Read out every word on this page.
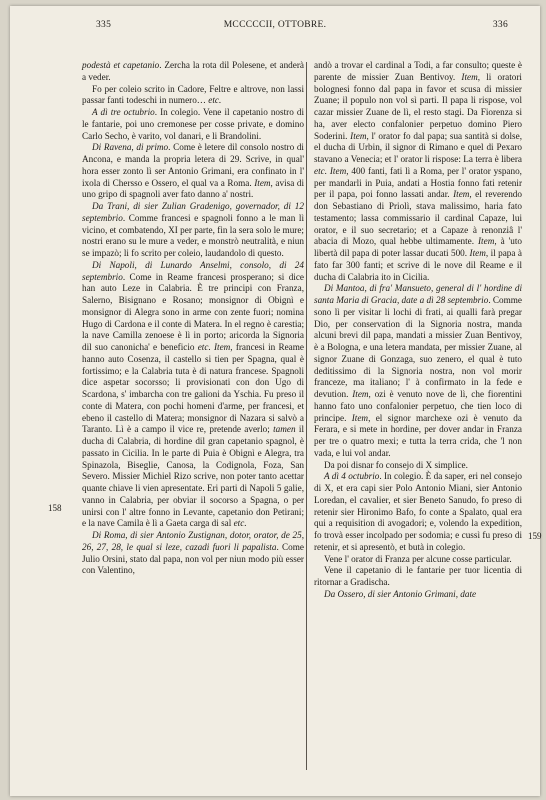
335	MCCCCCII, OTTOBRE.	336
158
159

podestà et capetanio. Zercha la rota dil Polesene, et anderà a veder.

Fo per coleio scrito in Cadore, Feltre e altrove, non lassi passar fanti todeschi in numero… etc.

A dì tre octubrio. In colegio. Vene il capetanio nostro di le fantarie, poi uno cremonese per cosse private, e domino Carlo Secho, è varito, vol danari, e li Brandolini.

Di Ravena, di primo. Come è letere dil consolo nostro di Ancona, e manda la propria letera di 29. Scrive, in qual' hora esser zonto lì ser Antonio Grimani, era confinato in l' ixola di Chersso e Ossero, el qual va a Roma. Item, avisa di uno gripo di spagnoli aver fato danno a' nostri.

Da Trani, di sier Zulian Gradenigo, governador, di 12 septembrio. Comme francesi e spagnoli fonno a le man lì vicino, et combatendo, XI per parte, fin la sera solo le mure; nostri erano su le mure a veder, e monstrò neutralità, e niun se impazò; li fo scrito per coleio, laudandolo di questo.

Di Napoli, di Lunardo Anselmi, consolo, di 24 septembrio. Come in Reame francesi prosperano; si dice han auto Leze in Calabria. È tre principi con Franza, Salerno, Bisignano e Rosano; monsignor di Obignì e monsignor di Alegra sono in arme con zente fuori; nomina Hugo di Cardona e il conte di Matera. In el regno è carestia; la nave Camilla zenoese è lì in porto; aricorda la Signoria dil suo canonicha' e beneficio etc. Item, francesi in Reame hanno auto Cosenza, il castello si tien per Spagna, qual è fortissimo; e la Calabria tuta è di natura francese. Spagnoli dice aspetar socorsso; li provisionati con don Ugo di Scardona, s' imbarcha con tre galioni da Yschia. Fu preso il conte di Matera, con pochi homeni d'arme, per francesi, et ebeno il castello di Matera; monsignor di Nazara si salvò a Taranto. Lì è a campo il vice re, pretende averlo; tamen il ducha di Calabria, di hordine dil gran capetanio spagnol, è passato in Cicilia. In le parte di Puia è Obignì e Alegra, tra Spinazola, Biseglie, Canosa, la Codignola, Foza, San Severo. Missier Michiel Rizo scrive, non poter tanto acettar quante chiave li vien apresentate. Eri parti di Napoli 5 galie, vanno in Calabria, per obviar il socorso a Spagna, o per unirsi con l' altre fonno in Levante, capetanio don Petirani; e la nave Camila è lì a Gaeta carga di sal etc.

Di Roma, di sier Antonio Zustignan, dotor, orator, de 25, 26, 27, 28, le qual si leze, cazadi fuori li papalista. Come Julio Orsini, stato dal papa, non vol per niun modo più esser con Valentino,

andò a trovar el cardinal a Todi, a far consulto; queste è parente de missier Zuan Bentivoy. Item, li oratori bolognesi fonno dal papa in favor et scusa di missier Zuane; il populo non vol sì parti. Il papa li rispose, vol cazar missier Zuane de lì, el resto stagi. Da Fiorenza si ha, aver electo confalonier perpetuo domino Piero Soderini. Item, l' orator fo dal papa; sua santità si dolse, el ducha di Urbin, il signor di Rimano e quel di Pexaro stavano a Venecia; et l' orator li rispose: La terra è libera etc. Item, 400 fanti, fati lì a Roma, per l' orator yspano, per mandarli in Puia, andati a Hostia fonno fati retenir per il papa, poi fonno lassati andar. Item, el reverendo don Sebastiano di Priolì, stava malissimo, haria fato testamento; lassa commissario il cardinal Capaze, lui orator, e il suo secretario; et a Capaze à renonziâ l' abacia di Mozo, qual hebbe ultimamente. Item, à 'uto libertà dil papa di poter lassar ducati 500. Item, il papa à fato far 300 fanti; et scrive di le nove dil Reame e il ducha di Calabria ito in Cicilia.

Di Mantoa, di fra' Mansueto, general di l' hordine di santa Maria di Gracia, date a dì 28 septembrio. Comme sono lì per visitar li lochi di frati, ai qualli farà pregar Dio, per conservation di la Signoria nostra, manda alcuni brevi dil papa, mandati a missier Zuan Bentivoy, è a Bologna, e una letera mandata, per missier Zuane, al signor Zuane di Gonzaga, suo zenero, el qual è tuto deditissimo di la Signoria nostra, non vol morir franceze, ma italiano; l' à confirmato in la fede e devution. Item, ozi è venuto nove de lì, che fiorentini hanno fato uno confalonier perpetuo, che tien loco di principe. Item, el signor marchexe ozi è venuto da Ferara, e si mete in hordine, per dover andar in Franza per tre o quatro mexi; e tutta la terra crida, che 'l non vada, e lui vol andar.

Da poi disnar fo consejo di X simplice.

A dì 4 octubrio. In colegio. È da saper, eri nel consejo di X, et era capi sier Polo Antonio Miani, sier Antonio Loredan, el cavalier, et sier Beneto Sanudo, fo preso di retenir sier Hironimo Bafo, fo conte a Spalato, qual era qui a requisition di avogadori; e, volendo la expedition, fo trovà esser incolpado per sodomia; e cussì fu preso di retenir, et si apresentò, et butà in colegio.

Vene l' orator di Franza per alcune cosse particular.

Vene il capetanio di le fantarie per tuor licentia di ritornar a Gradischa.

Da Ossero, di sier Antonio Grimani, date
